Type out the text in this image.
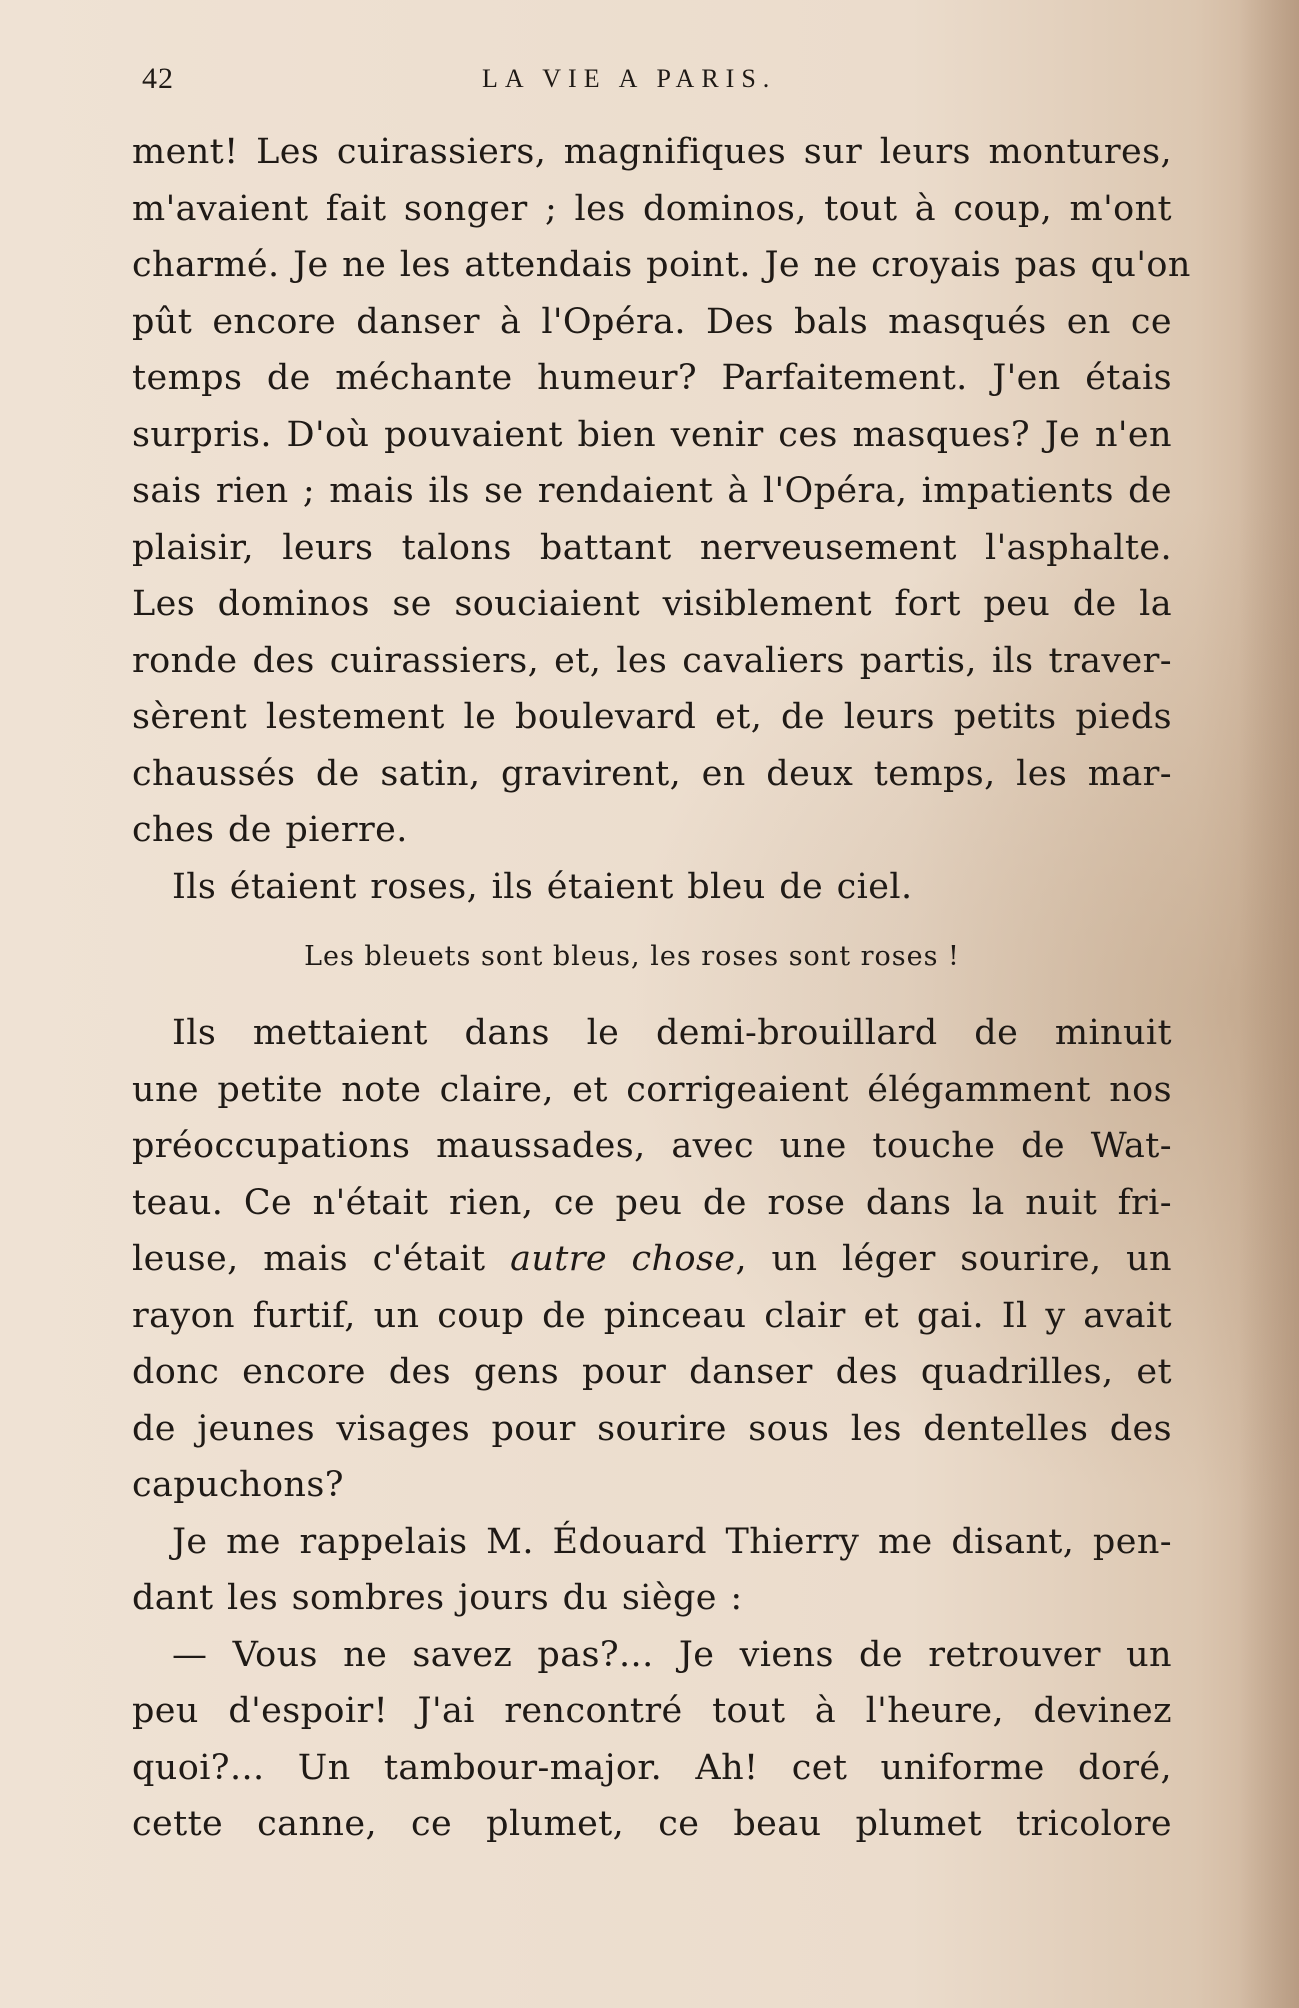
42	LA VIE A PARIS.
ment! Les cuirassiers, magnifiques sur leurs montures,
m'avaient fait songer ; les dominos, tout à coup, m'ont
charmé. Je ne les attendais point. Je ne croyais pas qu'on
pût encore danser à l'Opéra. Des bals masqués en ce
temps de méchante humeur? Parfaitement. J'en étais
surpris. D'où pouvaient bien venir ces masques? Je n'en
sais rien ; mais ils se rendaient à l'Opéra, impatients de
plaisir, leurs talons battant nerveusement l'asphalte.
Les dominos se souciaient visiblement fort peu de la
ronde des cuirassiers, et, les cavaliers partis, ils traver-
sèrent lestement le boulevard et, de leurs petits pieds
chaussés de satin, gravirent, en deux temps, les mar-
ches de pierre.
Ils étaient roses, ils étaient bleu de ciel.
Les bleuets sont bleus, les roses sont roses !
Ils mettaient dans le demi-brouillard de minuit
une petite note claire, et corrigeaient élégamment nos
préoccupations maussades, avec une touche de Wat-
teau. Ce n'était rien, ce peu de rose dans la nuit fri-
leuse, mais c'était autre chose, un léger sourire, un
rayon furtif, un coup de pinceau clair et gai. Il y avait
donc encore des gens pour danser des quadrilles, et
de jeunes visages pour sourire sous les dentelles des
capuchons?
Je me rappelais M. Édouard Thierry me disant, pen-
dant les sombres jours du siège :
— Vous ne savez pas?... Je viens de retrouver un
peu d'espoir! J'ai rencontré tout à l'heure, devinez
quoi?... Un tambour-major. Ah! cet uniforme doré,
cette canne, ce plumet, ce beau plumet tricolore
